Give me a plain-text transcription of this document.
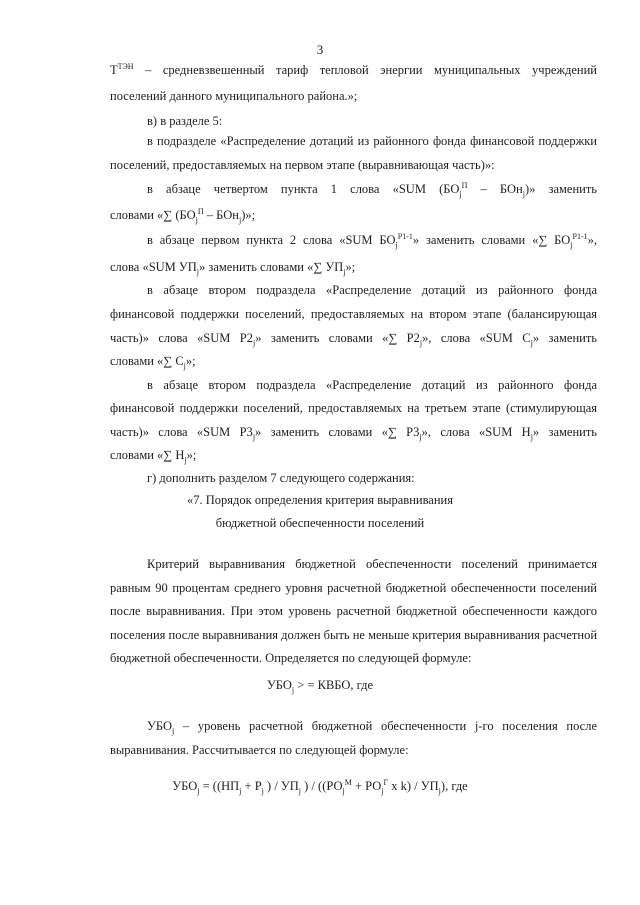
3
$T^{ТЭН}$ – средневзвешенный тариф тепловой энергии муниципальных учреждений
поселений данного муниципального района.»;
в) в разделе 5:
в подразделе «Распределение дотаций из районного фонда финансовой поддержки
поселений, предоставляемых на первом этапе (выравнивающая часть)»:
в абзаце четвертом пункта 1 слова «SUM $(БО_j^П - БОн_j)$» заменить
словами «∑ $(БО_j^П - БОн_j)$»;
в абзаце первом пункта 2 слова «SUM $БО_j^{Р1-1}$» заменить словами «∑ $БО_j^{Р1-1}$»,
слова «SUM $УП_j$» заменить словами «∑ $УП_j$»;
в абзаце втором подраздела «Распределение дотаций из районного фонда
финансовой поддержки поселений, предоставляемых на втором этапе (балансирующая
часть)» слова «SUM $Р2_j$» заменить словами «∑ $Р2_j$», слова «SUM $С_j$» заменить
словами «∑ $С_j$»;
в абзаце втором подраздела «Распределение дотаций из районного фонда
финансовой поддержки поселений, предоставляемых на третьем этапе (стимулирующая
часть)» слова «SUM $Р3_j$» заменить словами «∑ $Р3_j$», слова «SUM $Н_j$» заменить
словами «∑ $Н_j$»;
г) дополнить разделом 7 следующего содержания:
«7. Порядок определения критерия выравнивания
бюджетной обеспеченности поселений
Критерий выравнивания бюджетной обеспеченности поселений принимается
равным 90 процентам среднего уровня расчетной бюджетной обеспеченности поселений
после выравнивания. При этом уровень расчетной бюджетной обеспеченности каждого
поселения после выравнивания должен быть не меньше критерия выравнивания расчетной
бюджетной обеспеченности. Определяется по следующей формуле:
$УБО_j$ > = КВБО, где
$УБО_j$ – уровень расчетной бюджетной обеспеченности j-го поселения после
выравнивания. Рассчитывается по следующей формуле:
$УБО_j = ((НП_j + Р_j$ ) / $УП_j$ ) / (($РО_j^М + РО_j^Г$ х $k) / УП_j$), где
